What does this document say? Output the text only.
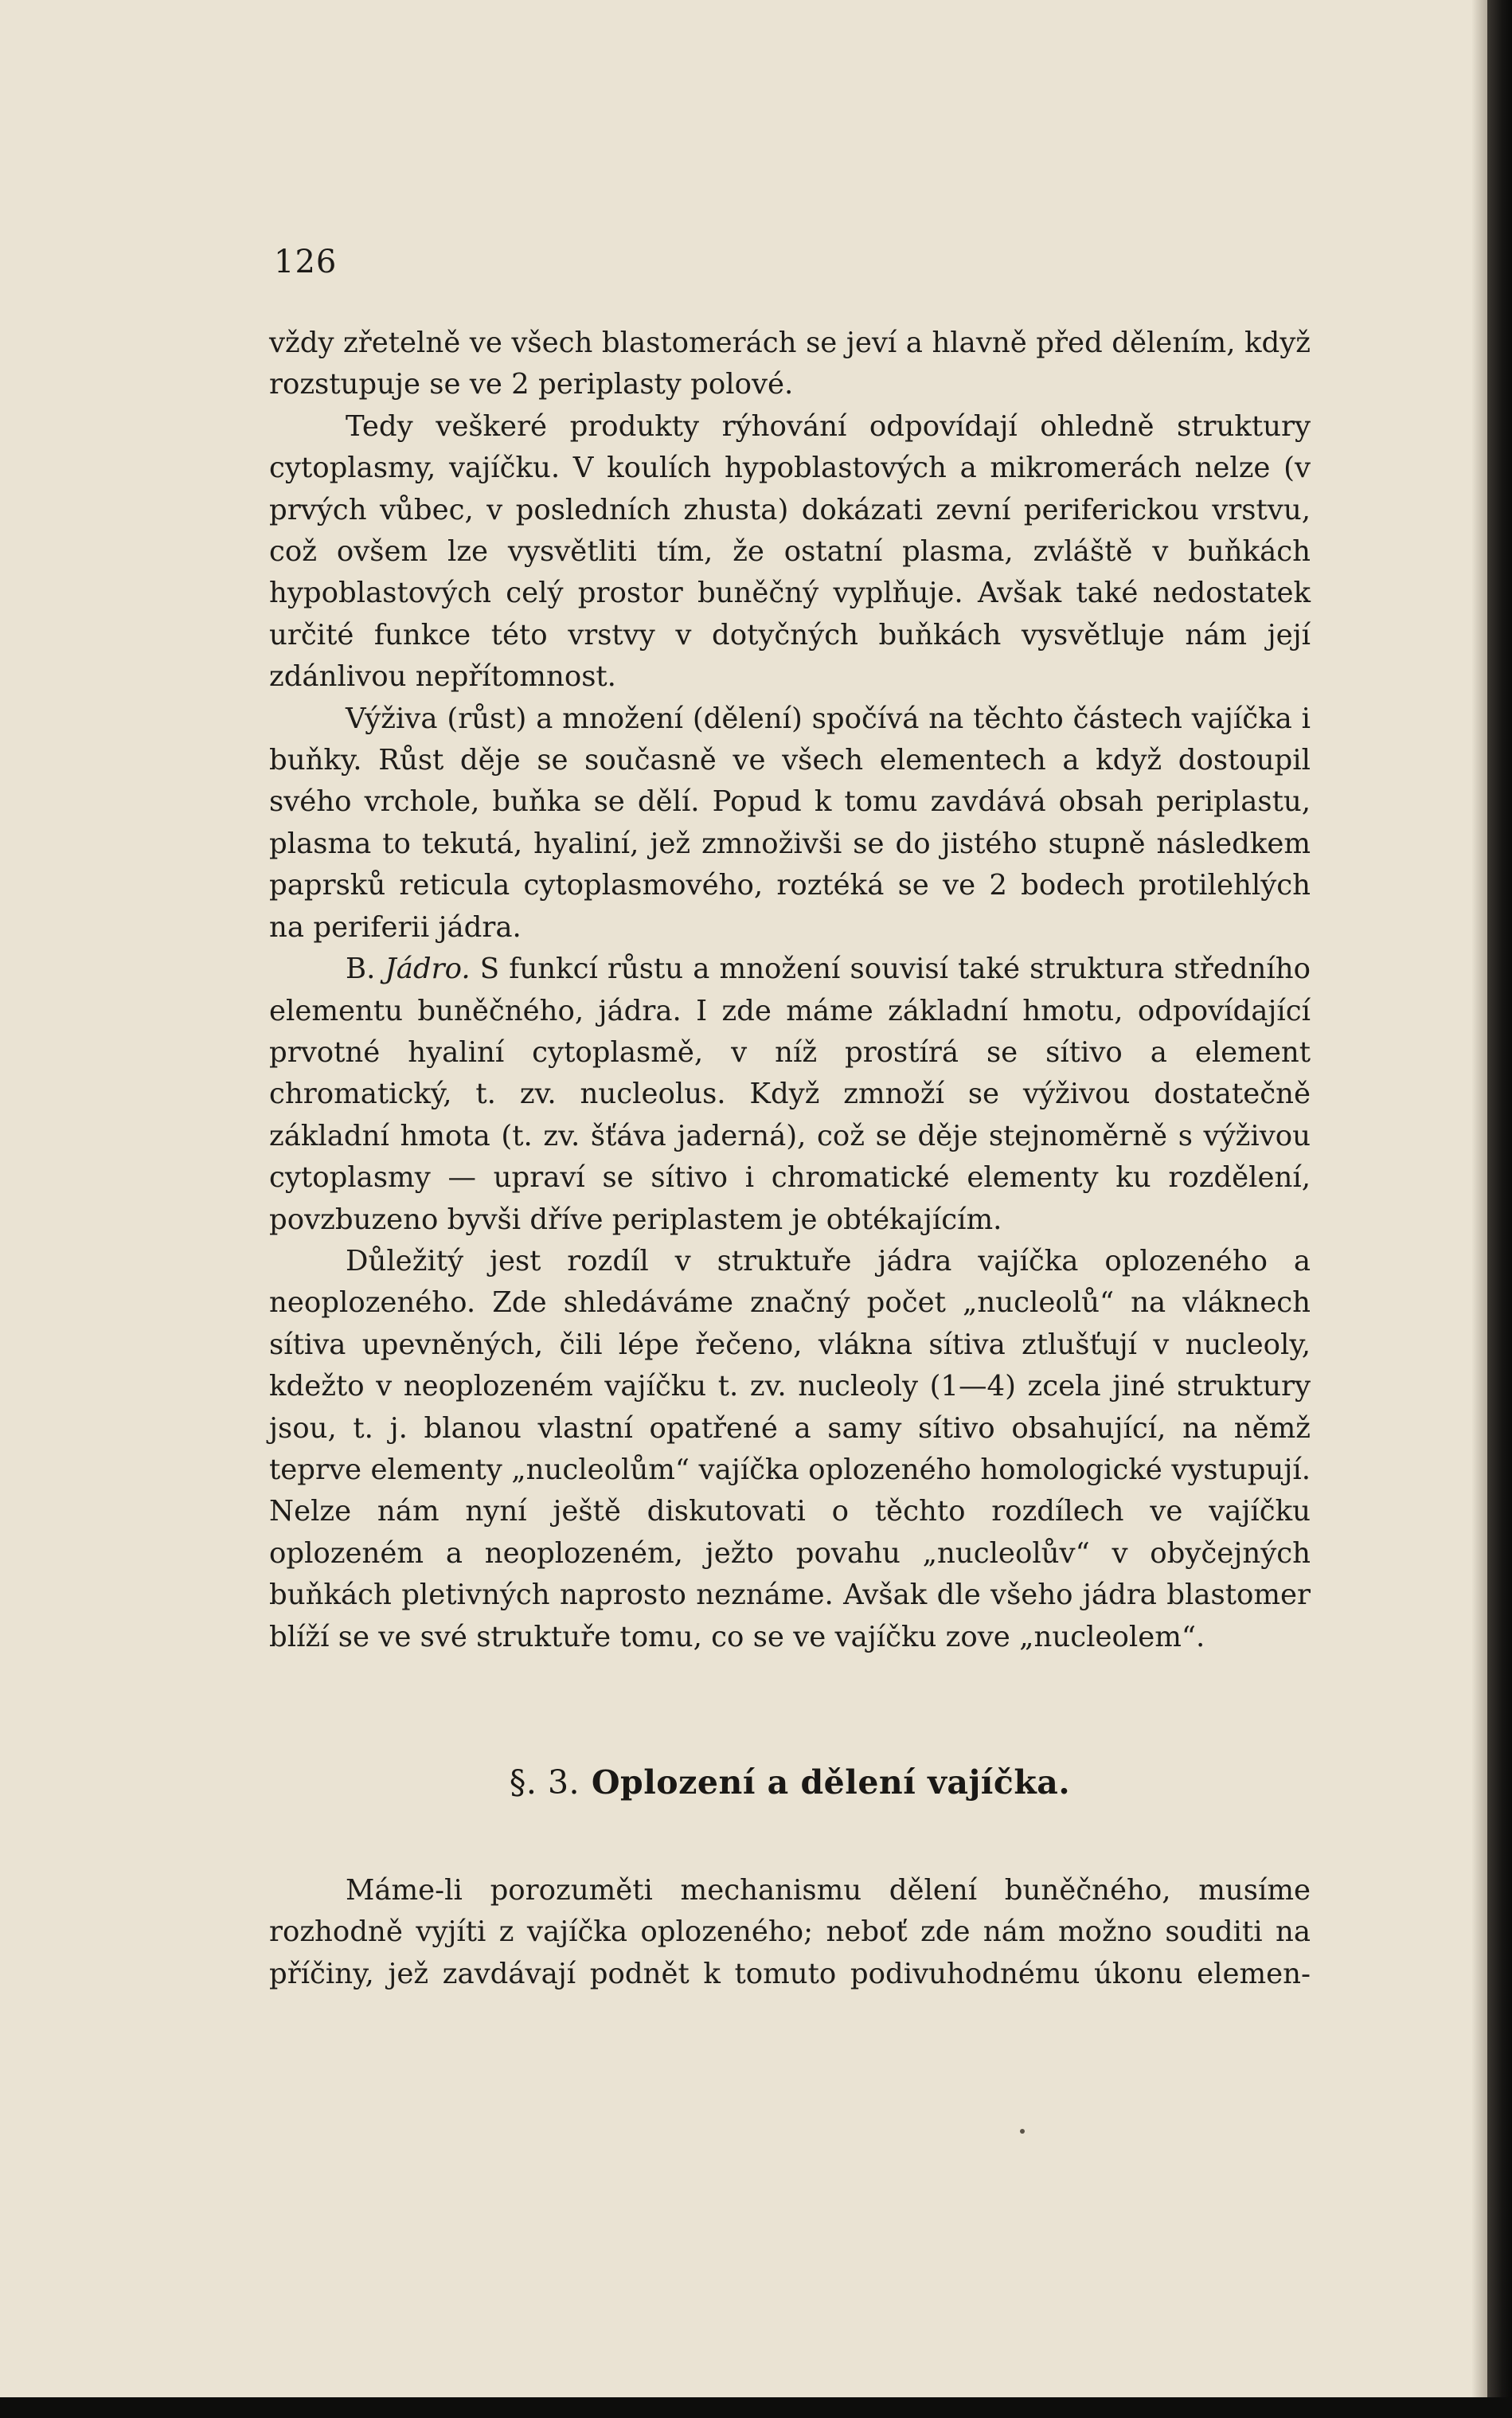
126

vždy zřetelně ve všech blastomerách se jeví a hlavně před dělením, když rozstupuje se ve 2 periplasty polové.

Tedy veškeré produkty rýhování odpovídají ohledně struktury cytoplasmy, vajíčku. V koulích hypoblastových a mikromerách nelze (v prvých vůbec, v posledních zhusta) dokázati zevní periferickou vrstvu, což ovšem lze vysvětliti tím, že ostatní plasma, zvláště v buňkách hypoblastových celý prostor buněčný vyplňuje. Avšak také nedostatek určité funkce této vrstvy v dotyčných buňkách vysvětluje nám její zdánlivou nepřítomnost.

Výživa (růst) a množení (dělení) spočívá na těchto částech vajíčka i buňky. Růst děje se současně ve všech elementech a když dostoupil svého vrchole, buňka se dělí. Popud k tomu zavdává obsah periplastu, plasma to tekutá, hyaliní, jež zmnoživši se do jistého stupně následkem paprsků reticula cytoplasmového, roztéká se ve 2 bodech protilehlých na periferii jádra.

B. Jádro. S funkcí růstu a množení souvisí také struktura středního elementu buněčného, jádra. I zde máme základní hmotu, odpovídající prvotné hyaliní cytoplasmě, v níž prostírá se sítivo a element chromatický, t. zv. nucleolus. Když zmnoží se výživou dostatečně základní hmota (t. zv. šťáva jaderná), což se děje stejnoměrně s výživou cytoplasmy — upraví se sítivo i chromatické elementy ku rozdělení, povzbuzeno byvši dříve periplastem je obtékajícím.

Důležitý jest rozdíl v struktuře jádra vajíčka oplozeného a neoplozeného. Zde shledáváme značný počet „nucleolů“ na vláknech sítiva upevněných, čili lépe řečeno, vlákna sítiva ztlušťují v nucleoly, kdežto v neoplozeném vajíčku t. zv. nucleoly (1—4) zcela jiné struktury jsou, t. j. blanou vlastní opatřené a samy sítivo obsahující, na němž teprve elementy „nucleolům“ vajíčka oplozeného homologické vystupují. Nelze nám nyní ještě diskutovati o těchto rozdílech ve vajíčku oplozeném a neoplozeném, ježto povahu „nucleolův“ v obyčejných buňkách pletivných naprosto neznáme. Avšak dle všeho jádra blastomer blíží se ve své struktuře tomu, co se ve vajíčku zove „nucleolem“.

§. 3. Oplození a dělení vajíčka.

Máme-li porozuměti mechanismu dělení buněčného, musíme rozhodně vyjíti z vajíčka oplozeného; neboť zde nám možno souditi na příčiny, jež zavdávají podnět k tomuto podivuhodnému úkonu elemen-
